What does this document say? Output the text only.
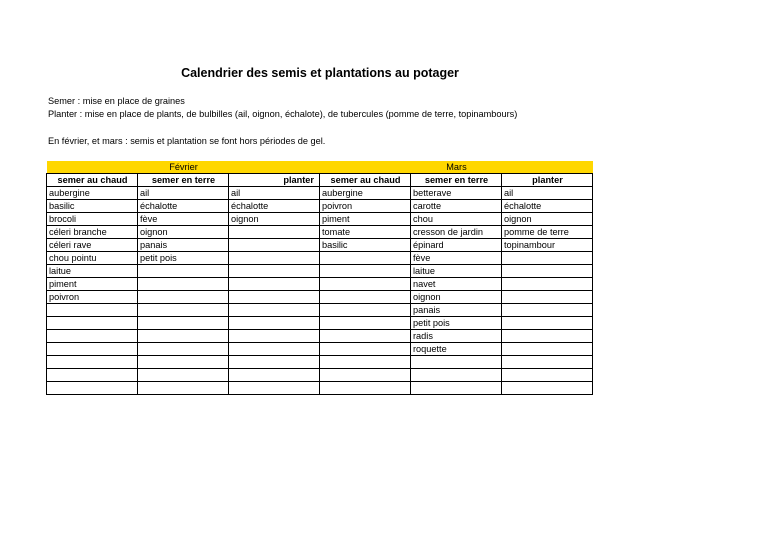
Calendrier des semis et plantations au potager
Semer : mise en place de graines
Planter : mise en place de plants, de bulbilles (ail, oignon, échalote), de tubercules (pomme de terre, topinambours)
En février, et mars : semis et plantation se font hors périodes de gel.
Février			Mars		
semer au chaud	semer en terre	planter	semer au chaud	semer en terre	planter
aubergine	ail	ail	aubergine	betterave	ail
basilic	échalotte	échalotte	poivron	carotte	échalotte
brocoli	fève	oignon	piment	chou	oignon
céleri branche	oignon		tomate	cresson de jardin	pomme de terre
céleri rave	panais		basilic	épinard	topinambour
chou pointu	petit pois			fève	
laitue				laitue	
piment				navet	
poivron				oignon	
				panais	
				petit pois	
				radis	
				roquette	
